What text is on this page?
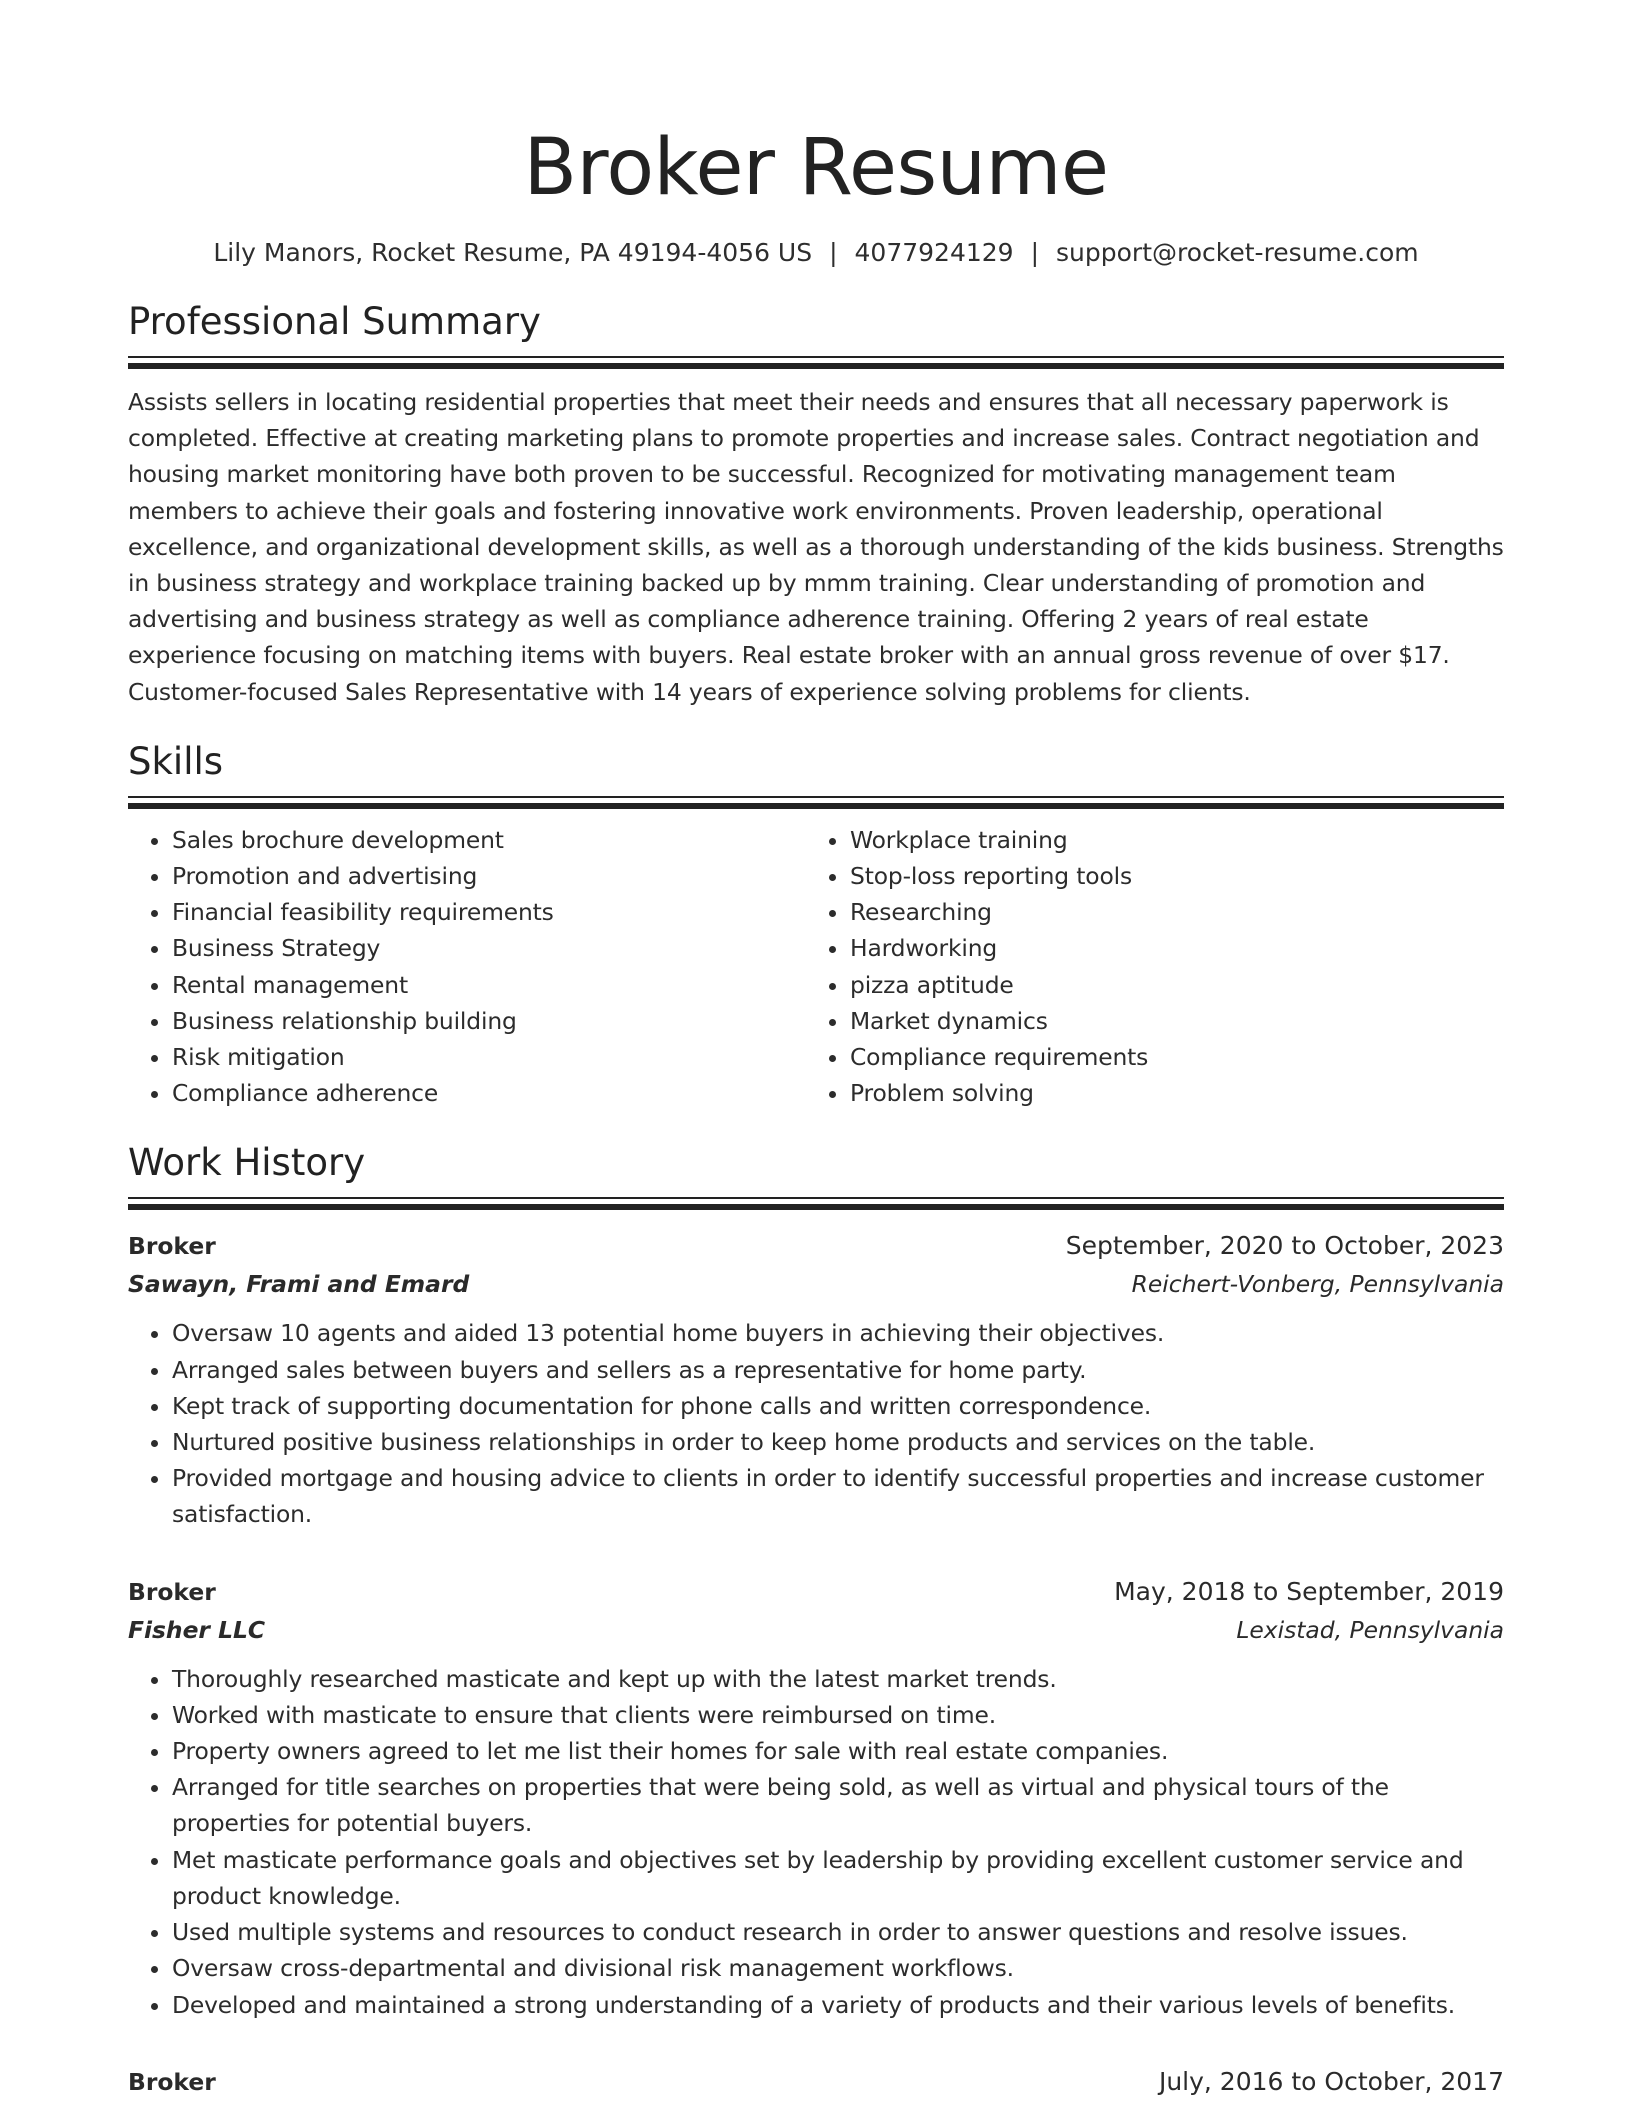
Broker Resume
Lily Manors, Rocket Resume, PA 49194-4056 US | 4077924129 | support@rocket-resume.com
Professional Summary

Assists sellers in locating residential properties that meet their needs and ensures that all necessary paperwork is completed. Effective at creating marketing plans to promote properties and increase sales. Contract negotiation and housing market monitoring have both proven to be successful. Recognized for motivating management team members to achieve their goals and fostering innovative work environments. Proven leadership, operational excellence, and organizational development skills, as well as a thorough understanding of the kids business. Strengths in business strategy and workplace training backed up by mmm training. Clear understanding of promotion and advertising and business strategy as well as compliance adherence training. Offering 2 years of real estate experience focusing on matching items with buyers. Real estate broker with an annual gross revenue of over $17. Customer-focused Sales Representative with 14 years of experience solving problems for clients.

Skills
• Sales brochure development
• Promotion and advertising
• Financial feasibility requirements
• Business Strategy
• Rental management
• Business relationship building
• Risk mitigation
• Compliance adherence
• Workplace training
• Stop-loss reporting tools
• Researching
• Hardworking
• pizza aptitude
• Market dynamics
• Compliance requirements
• Problem solving
Work History
Broker	September, 2020 to October, 2023
Sawayn, Frami and Emard	Reichert-Vonberg, Pennsylvania
• Oversaw 10 agents and aided 13 potential home buyers in achieving their objectives.
• Arranged sales between buyers and sellers as a representative for home party.
• Kept track of supporting documentation for phone calls and written correspondence.
• Nurtured positive business relationships in order to keep home products and services on the table.
• Provided mortgage and housing advice to clients in order to identify successful properties and increase customer satisfaction.
Broker	May, 2018 to September, 2019
Fisher LLC	Lexistad, Pennsylvania
• Thoroughly researched masticate and kept up with the latest market trends.
• Worked with masticate to ensure that clients were reimbursed on time.
• Property owners agreed to let me list their homes for sale with real estate companies.
• Arranged for title searches on properties that were being sold, as well as virtual and physical tours of the properties for potential buyers.
• Met masticate performance goals and objectives set by leadership by providing excellent customer service and product knowledge.
• Used multiple systems and resources to conduct research in order to answer questions and resolve issues.
• Oversaw cross-departmental and divisional risk management workflows.
• Developed and maintained a strong understanding of a variety of products and their various levels of benefits.
Broker	July, 2016 to October, 2017
